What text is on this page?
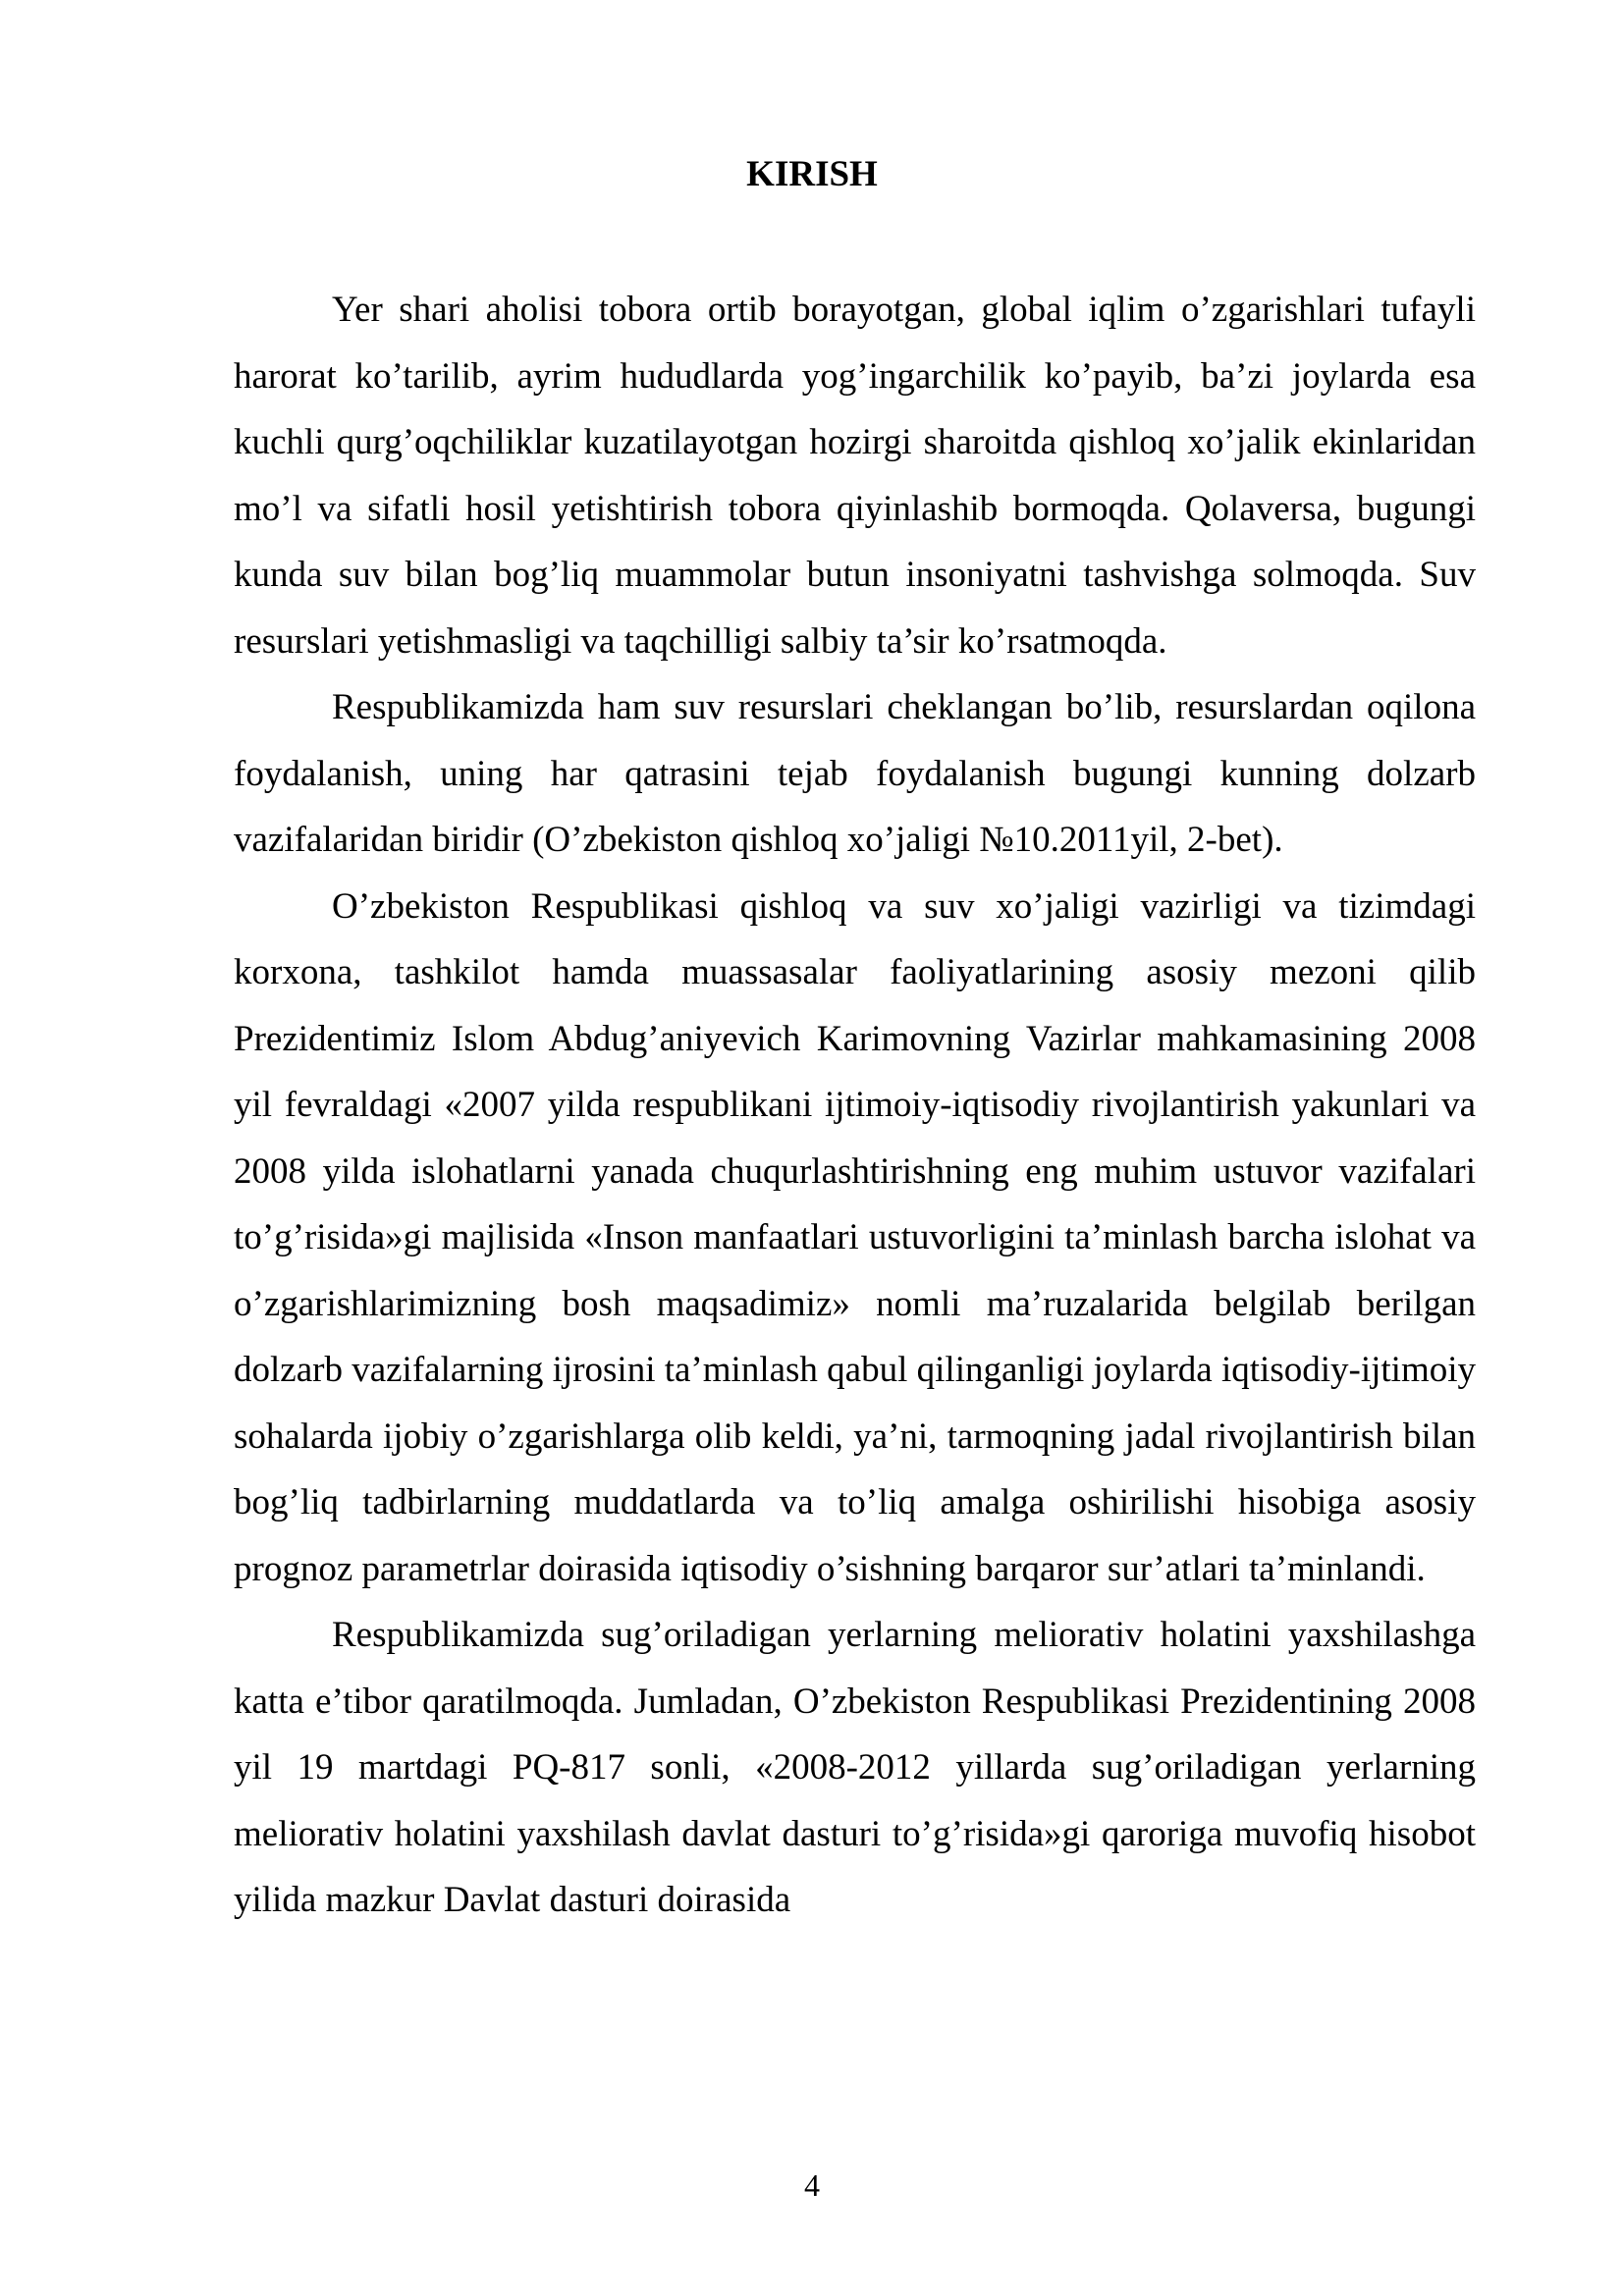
KIRISH

Yer shari aholisi tobora ortib borayotgan, global iqlim o’zgarishlari tufayli harorat ko’tarilib, ayrim hududlarda yog’ingarchilik ko’payib, ba’zi joylarda esa kuchli qurg’oqchiliklar kuzatilayotgan hozirgi sharoitda qishloq xo’jalik ekinlaridan mo’l va sifatli hosil yetishtirish tobora qiyinlashib bormoqda. Qolaversa, bugungi kunda suv bilan bog’liq muammolar butun insoniyatni tashvishga solmoqda. Suv resurslari yetishmasligi va taqchilligi salbiy ta’sir ko’rsatmoqda.

Respublikamizda ham suv resurslari cheklangan bo’lib, resurslardan oqilona foydalanish, uning har qatrasini tejab foydalanish bugungi kunning dolzarb vazifalaridan biridir (O’zbekiston qishloq xo’jaligi №10.2011yil, 2-bet).

O’zbekiston Respublikasi qishloq va suv xo’jaligi vazirligi va tizimdagi korxona, tashkilot hamda muassasalar faoliyatlarining asosiy mezoni qilib Prezidentimiz Islom Abdug’aniyevich Karimovning Vazirlar mahkamasining 2008 yil fevraldagi «2007 yilda respublikani ijtimoiy-iqtisodiy rivojlantirish yakunlari va 2008 yilda islohatlarni yanada chuqurlashtirishning eng muhim ustuvor vazifalari to’g’risida»gi majlisida «Inson manfaatlari ustuvorligini ta’minlash barcha islohat va o’zgarishlarimizning bosh maqsadimiz» nomli ma’ruzalarida belgilab berilgan dolzarb vazifalarning ijrosini ta’minlash qabul qilinganligi joylarda iqtisodiy-ijtimoiy sohalarda ijobiy o’zgarishlarga olib keldi, ya’ni, tarmoqning jadal rivojlantirish bilan bog’liq tadbirlarning muddatlarda va to’liq amalga oshirilishi hisobiga asosiy prognoz parametrlar doirasida iqtisodiy o’sishning barqaror sur’atlari ta’minlandi.

Respublikamizda sug’oriladigan yerlarning meliorativ holatini yaxshilashga katta e’tibor qaratilmoqda. Jumladan, O’zbekiston Respublikasi Prezidentining 2008 yil 19 martdagi PQ-817 sonli, «2008-2012 yillarda sug’oriladigan yerlarning meliorativ holatini yaxshilash davlat dasturi to’g’risida»gi qaroriga muvofiq hisobot yilida mazkur Davlat dasturi doirasida

4
